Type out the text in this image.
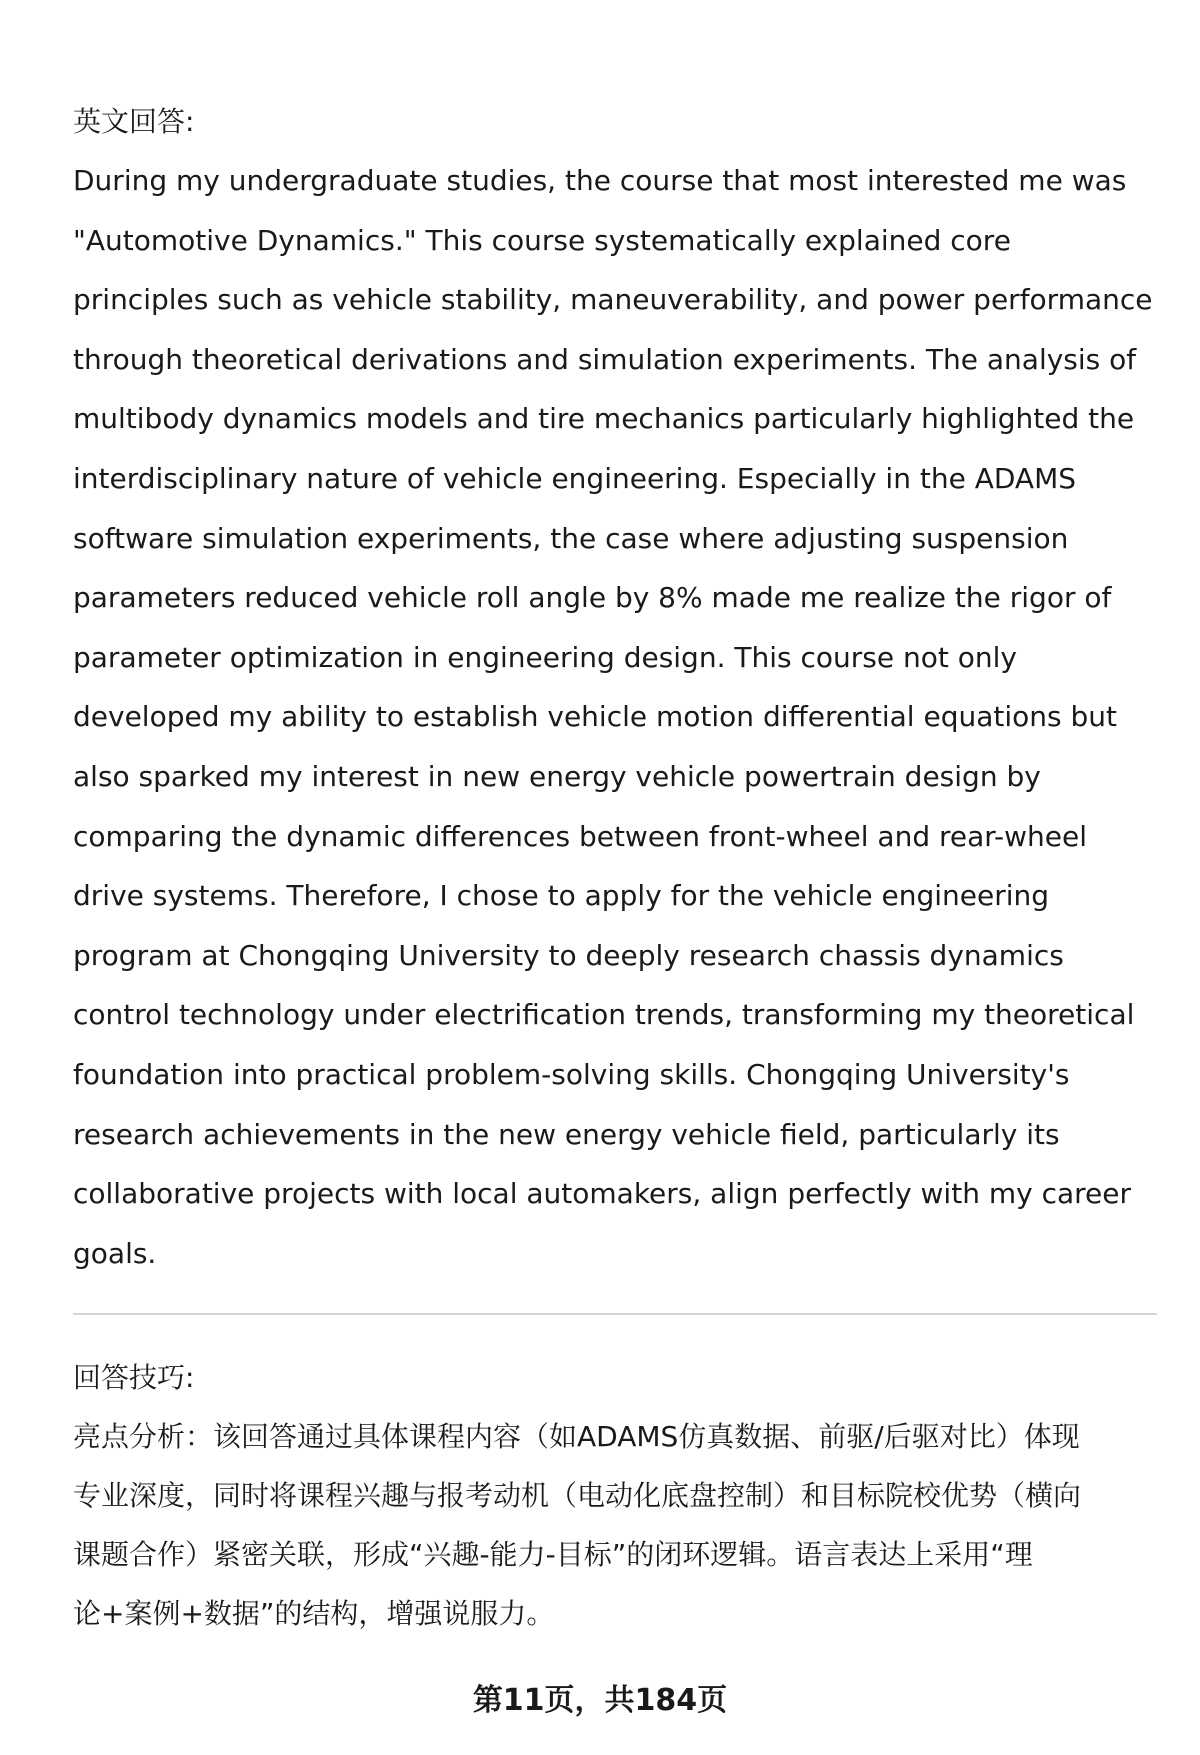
英文回答:
During my undergraduate studies, the course that most interested me was
"Automotive Dynamics." This course systematically explained core
principles such as vehicle stability, maneuverability, and power performance
through theoretical derivations and simulation experiments. The analysis of
multibody dynamics models and tire mechanics particularly highlighted the
interdisciplinary nature of vehicle engineering. Especially in the ADAMS
software simulation experiments, the case where adjusting suspension
parameters reduced vehicle roll angle by 8% made me realize the rigor of
parameter optimization in engineering design. This course not only
developed my ability to establish vehicle motion differential equations but
also sparked my interest in new energy vehicle powertrain design by
comparing the dynamic differences between front-wheel and rear-wheel
drive systems. Therefore, I chose to apply for the vehicle engineering
program at Chongqing University to deeply research chassis dynamics
control technology under electrification trends, transforming my theoretical
foundation into practical problem-solving skills. Chongqing University's
research achievements in the new energy vehicle field, particularly its
collaborative projects with local automakers, align perfectly with my career
goals.
回答技巧:
亮点分析：该回答通过具体课程内容（如ADAMS仿真数据、前驱/后驱对比）体现
专业深度，同时将课程兴趣与报考动机（电动化底盘控制）和目标院校优势（横向
课题合作）紧密关联，形成“兴趣-能力-目标”的闭环逻辑。语言表达上采用“理
论+案例+数据”的结构，增强说服力。
第11页，共184页
